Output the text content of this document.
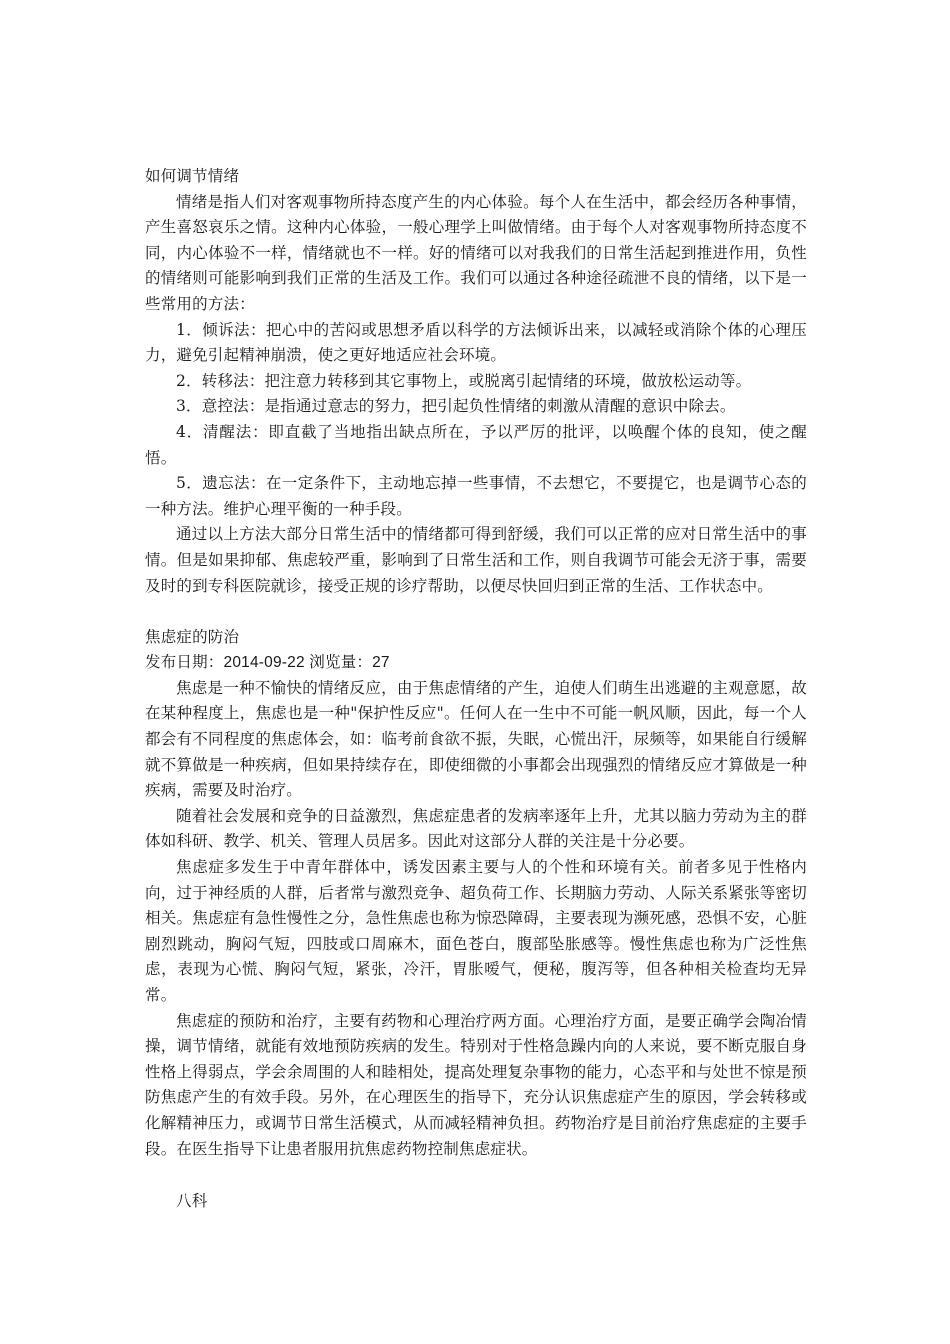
如何调节情绪

情绪是指人们对客观事物所持态度产生的内心体验。每个人在生活中，都会经历各种事情，产生喜怒哀乐之情。这种内心体验，一般心理学上叫做情绪。由于每个人对客观事物所持态度不同，内心体验不一样，情绪就也不一样。好的情绪可以对我我们的日常生活起到推进作用，负性的情绪则可能影响到我们正常的生活及工作。我们可以通过各种途径疏泄不良的情绪，以下是一些常用的方法：

1．倾诉法：把心中的苦闷或思想矛盾以科学的方法倾诉出来，以减轻或消除个体的心理压力，避免引起精神崩溃，使之更好地适应社会环境。

2．转移法：把注意力转移到其它事物上，或脱离引起情绪的环境，做放松运动等。

3．意控法：是指通过意志的努力，把引起负性情绪的刺激从清醒的意识中除去。

4．清醒法：即直截了当地指出缺点所在，予以严厉的批评，以唤醒个体的良知，使之醒悟。

5．遗忘法：在一定条件下，主动地忘掉一些事情，不去想它，不要提它，也是调节心态的一种方法。维护心理平衡的一种手段。

通过以上方法大部分日常生活中的情绪都可得到舒缓，我们可以正常的应对日常生活中的事情。但是如果抑郁、焦虑较严重，影响到了日常生活和工作，则自我调节可能会无济于事，需要及时的到专科医院就诊，接受正规的诊疗帮助，以便尽快回归到正常的生活、工作状态中。

焦虑症的防治
发布日期：2014-09-22 浏览量：27

焦虑是一种不愉快的情绪反应，由于焦虑情绪的产生，迫使人们萌生出逃避的主观意愿，故在某种程度上，焦虑也是一种"保护性反应"。任何人在一生中不可能一帆风顺，因此，每一个人都会有不同程度的焦虑体会，如：临考前食欲不振，失眠，心慌出汗，尿频等，如果能自行缓解就不算做是一种疾病，但如果持续存在，即使细微的小事都会出现强烈的情绪反应才算做是一种疾病，需要及时治疗。

随着社会发展和竞争的日益激烈，焦虑症患者的发病率逐年上升，尤其以脑力劳动为主的群体如科研、教学、机关、管理人员居多。因此对这部分人群的关注是十分必要。

焦虑症多发生于中青年群体中，诱发因素主要与人的个性和环境有关。前者多见于性格内向，过于神经质的人群，后者常与激烈竞争、超负荷工作、长期脑力劳动、人际关系紧张等密切相关。焦虑症有急性慢性之分，急性焦虑也称为惊恐障碍，主要表现为濒死感，恐惧不安，心脏剧烈跳动，胸闷气短，四肢或口周麻木，面色苍白，腹部坠胀感等。慢性焦虑也称为广泛性焦虑，表现为心慌、胸闷气短，紧张，冷汗，胃胀嗳气，便秘，腹泻等，但各种相关检查均无异常。

焦虑症的预防和治疗，主要有药物和心理治疗两方面。心理治疗方面，是要正确学会陶冶情操，调节情绪，就能有效地预防疾病的发生。特别对于性格急躁内向的人来说，要不断克服自身性格上得弱点，学会余周围的人和睦相处，提高处理复杂事物的能力，心态平和与处世不惊是预防焦虑产生的有效手段。另外，在心理医生的指导下，充分认识焦虑症产生的原因，学会转移或化解精神压力，或调节日常生活模式，从而减轻精神负担。药物治疗是目前治疗焦虑症的主要手段。在医生指导下让患者服用抗焦虑药物控制焦虑症状。

八科
